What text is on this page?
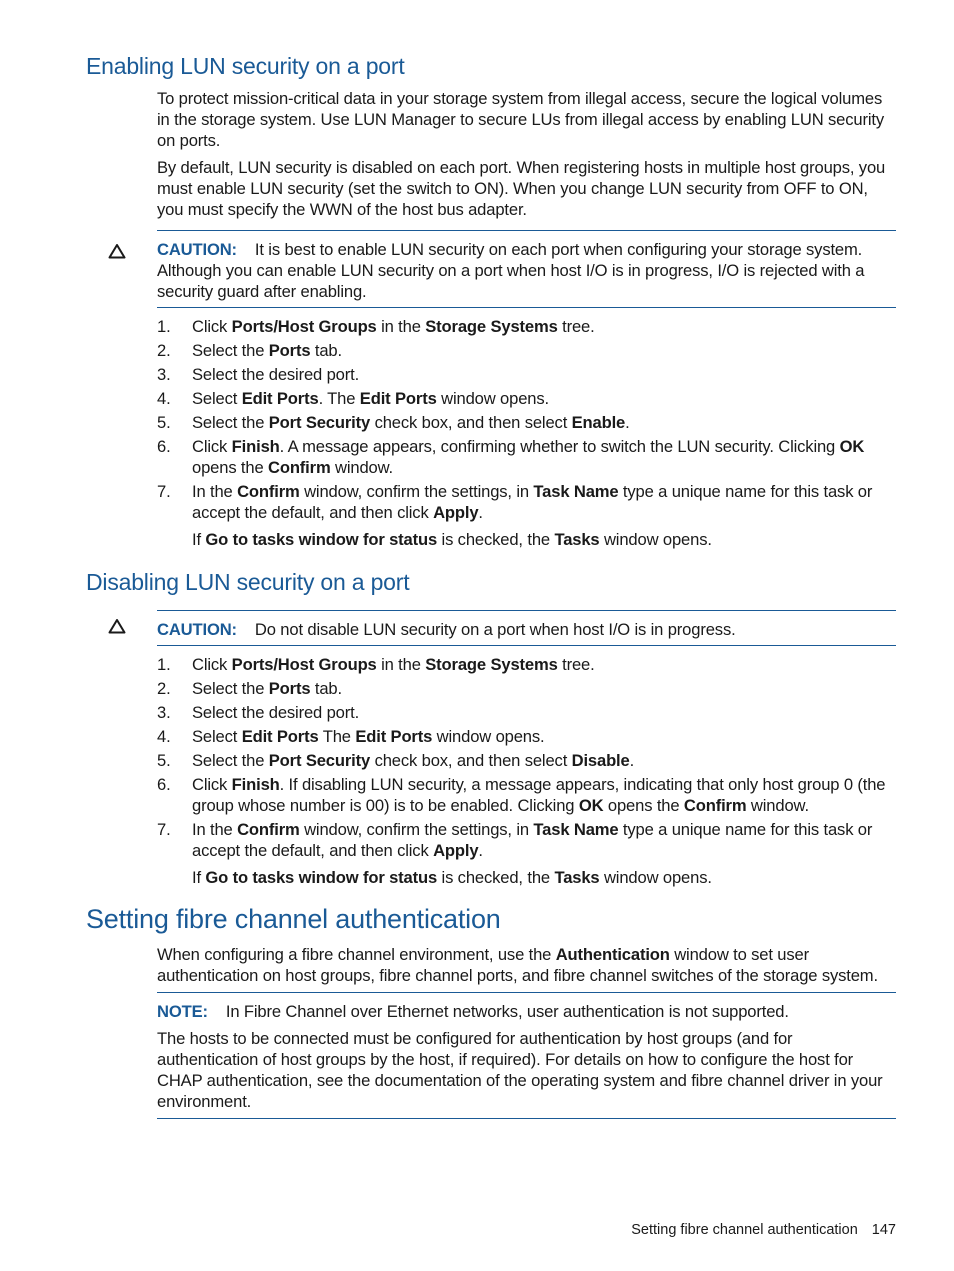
Enabling LUN security on a port
To protect mission-critical data in your storage system from illegal access, secure the logical volumes in the storage system. Use LUN Manager to secure LUs from illegal access by enabling LUN security on ports.
By default, LUN security is disabled on each port. When registering hosts in multiple host groups, you must enable LUN security (set the switch to ON). When you change LUN security from OFF to ON, you must specify the WWN of the host bus adapter.
CAUTION: It is best to enable LUN security on each port when configuring your storage system. Although you can enable LUN security on a port when host I/O is in progress, I/O is rejected with a security guard after enabling.
1. Click Ports/Host Groups in the Storage Systems tree.
2. Select the Ports tab.
3. Select the desired port.
4. Select Edit Ports. The Edit Ports window opens.
5. Select the Port Security check box, and then select Enable.
6. Click Finish. A message appears, confirming whether to switch the LUN security. Clicking OK opens the Confirm window.
7. In the Confirm window, confirm the settings, in Task Name type a unique name for this task or accept the default, and then click Apply.
If Go to tasks window for status is checked, the Tasks window opens.
Disabling LUN security on a port
CAUTION: Do not disable LUN security on a port when host I/O is in progress.
1. Click Ports/Host Groups in the Storage Systems tree.
2. Select the Ports tab.
3. Select the desired port.
4. Select Edit Ports The Edit Ports window opens.
5. Select the Port Security check box, and then select Disable.
6. Click Finish. If disabling LUN security, a message appears, indicating that only host group 0 (the group whose number is 00) is to be enabled. Clicking OK opens the Confirm window.
7. In the Confirm window, confirm the settings, in Task Name type a unique name for this task or accept the default, and then click Apply.
If Go to tasks window for status is checked, the Tasks window opens.
Setting fibre channel authentication
When configuring a fibre channel environment, use the Authentication window to set user authentication on host groups, fibre channel ports, and fibre channel switches of the storage system.
NOTE: In Fibre Channel over Ethernet networks, user authentication is not supported.
The hosts to be connected must be configured for authentication by host groups (and for authentication of host groups by the host, if required). For details on how to configure the host for CHAP authentication, see the documentation of the operating system and fibre channel driver in your environment.
Setting fibre channel authentication 147
